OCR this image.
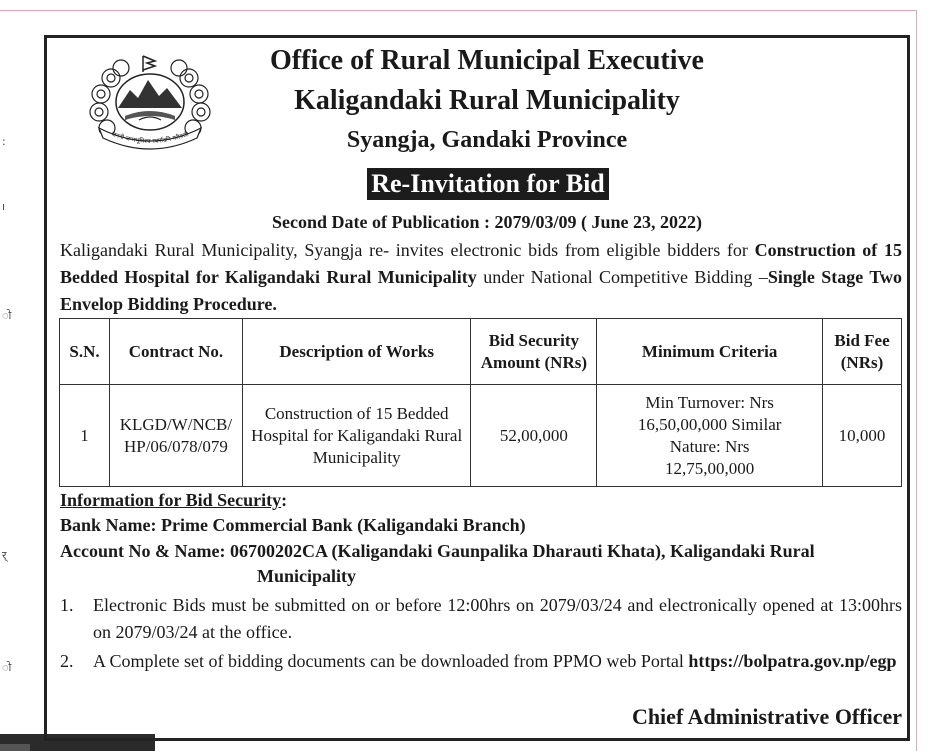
:
ı
ो
र्
ो
जननी जन्मभूमिश्च स्वर्गादपि गरीयसी
Office of Rural Municipal Executive
Kaligandaki Rural Municipality
Syangja, Gandaki Province
Re-Invitation for Bid
Second Date of Publication : 2079/03/09 ( June 23, 2022)
Kaligandaki Rural Municipality, Syangja re- invites electronic bids from eligible bidders for Construction of 15 Bedded Hospital for Kaligandaki Rural Municipality under National Competitive Bidding –Single Stage Two Envelop Bidding Procedure.
S.N.	Contract No.	Description of Works	Bid Security Amount (NRs)	Minimum Criteria	Bid Fee (NRs)
1	KLGD/W/NCB/ HP/06/078/079	Construction of 15 Bedded Hospital for Kaligandaki Rural Municipality	52,00,000	Min Turnover: Nrs 16,50,00,000 Similar Nature: Nrs 12,75,00,000	10,000
Information for Bid Security:
Bank Name: Prime Commercial Bank (Kaligandaki Branch)
Account No & Name: 06700202CA (Kaligandaki Gaunpalika Dharauti Khata), Kaligandaki Rural
Municipality
1. Electronic Bids must be submitted on or before 12:00hrs on 2079/03/24 and electronically opened at 13:00hrs on 2079/03/24 at the office.
2. A Complete set of bidding documents can be downloaded from PPMO web Portal https://bolpatra.gov.np/egp
Chief Administrative Officer
